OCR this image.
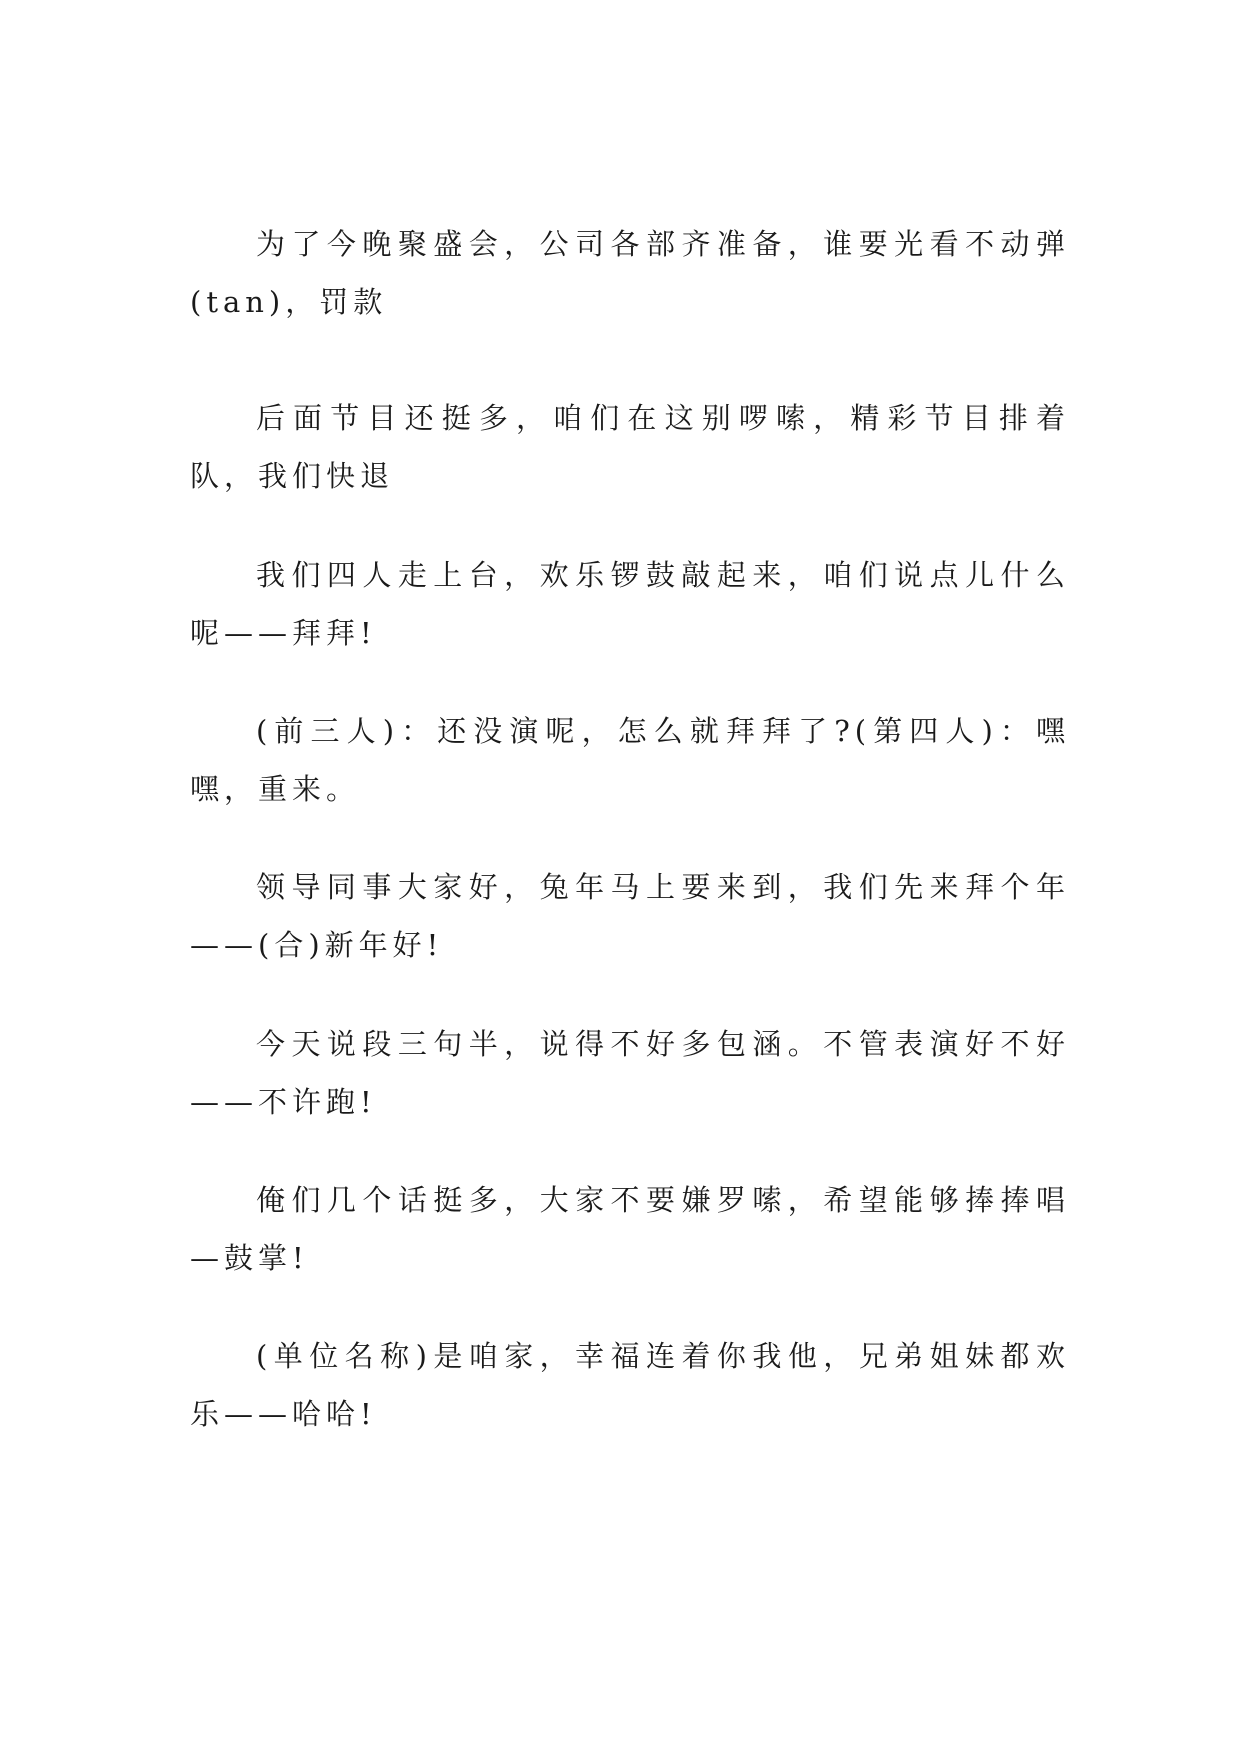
为了今晚聚盛会，公司各部齐准备，谁要光看不动弹(tan)，罚款

后面节目还挺多，咱们在这别啰嗦，精彩节目排着队，我们快退

我们四人走上台，欢乐锣鼓敲起来，咱们说点儿什么呢——拜拜!

(前三人)：还没演呢，怎么就拜拜了?(第四人)：嘿嘿，重来。

领导同事大家好，兔年马上要来到，我们先来拜个年——(合)新年好!

今天说段三句半，说得不好多包涵。不管表演好不好——不许跑!

俺们几个话挺多，大家不要嫌罗嗦，希望能够捧捧唱—鼓掌!

(单位名称)是咱家，幸福连着你我他，兄弟姐妹都欢乐——哈哈!
